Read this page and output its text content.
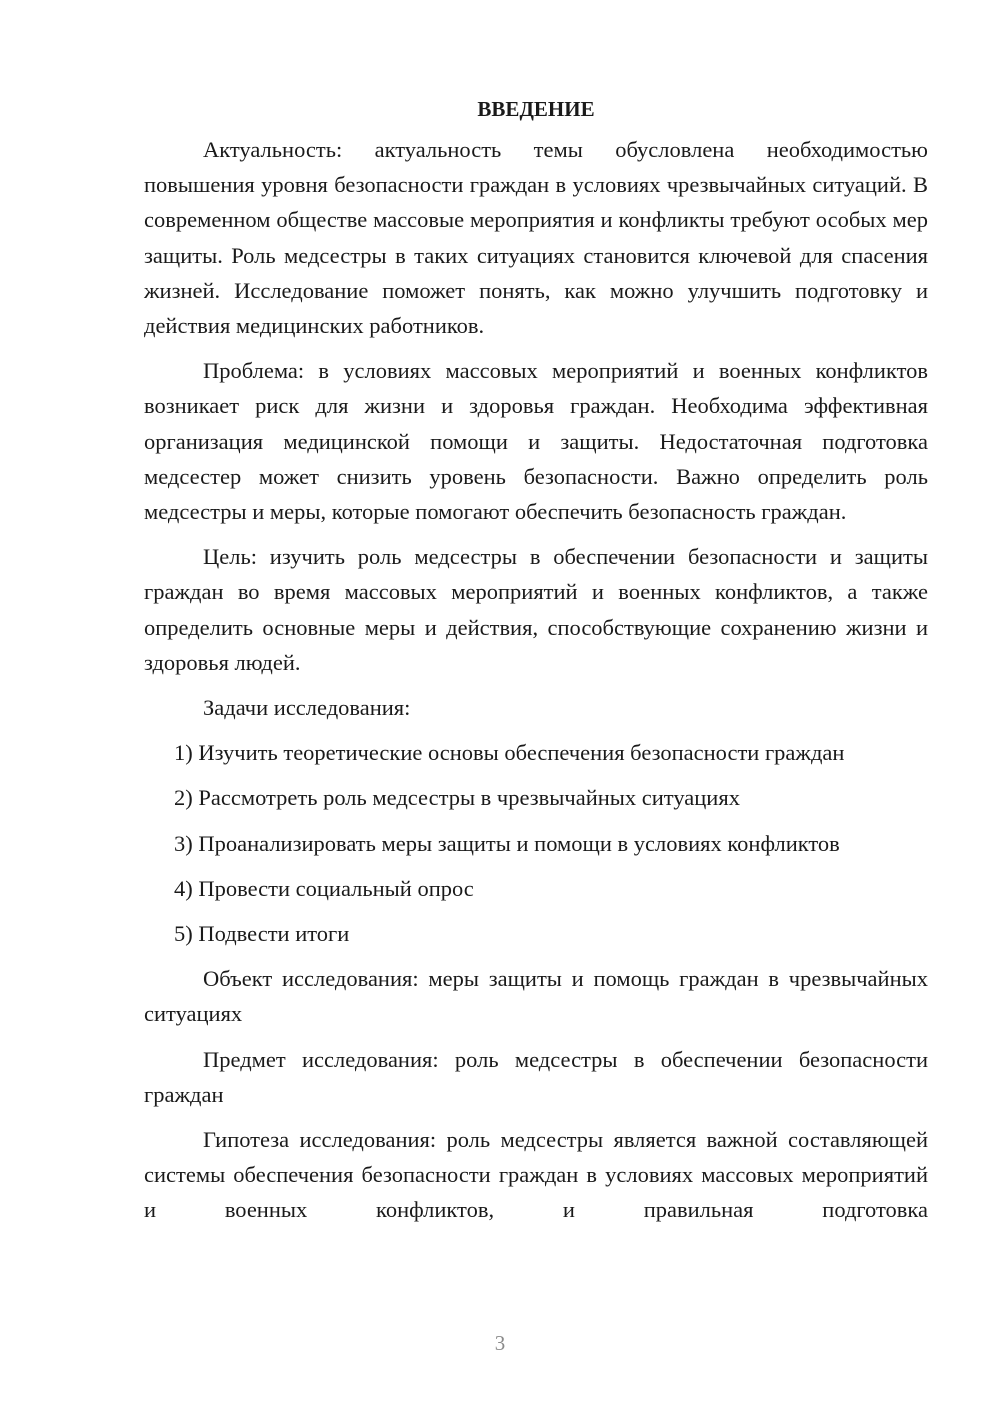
ВВЕДЕНИЕ

Актуальность: актуальность темы обусловлена необходимостью повышения уровня безопасности граждан в условиях чрезвычайных ситуаций. В современном обществе массовые мероприятия и конфликты требуют особых мер защиты. Роль медсестры в таких ситуациях становится ключевой для спасения жизней. Исследование поможет понять, как можно улучшить подготовку и действия медицинских работников.

Проблема: в условиях массовых мероприятий и военных конфликтов возникает риск для жизни и здоровья граждан. Необходима эффективная организация медицинской помощи и защиты. Недостаточная подготовка медсестер может снизить уровень безопасности. Важно определить роль медсестры и меры, которые помогают обеспечить безопасность граждан.

Цель: изучить роль медсестры в обеспечении безопасности и защиты граждан во время массовых мероприятий и военных конфликтов, а также определить основные меры и действия, способствующие сохранению жизни и здоровья людей.

Задачи исследования:

1) Изучить теоретические основы обеспечения безопасности граждан
2) Рассмотреть роль медсестры в чрезвычайных ситуациях
3) Проанализировать меры защиты и помощи в условиях конфликтов
4) Провести социальный опрос
5) Подвести итоги

Объект исследования: меры защиты и помощь граждан в чрезвычайных ситуациях

Предмет исследования: роль медсестры в обеспечении безопасности граждан

Гипотеза исследования: роль медсестры является важной составляющей системы обеспечения безопасности граждан в условиях массовых мероприятий и военных конфликтов, и правильная подготовка

3
